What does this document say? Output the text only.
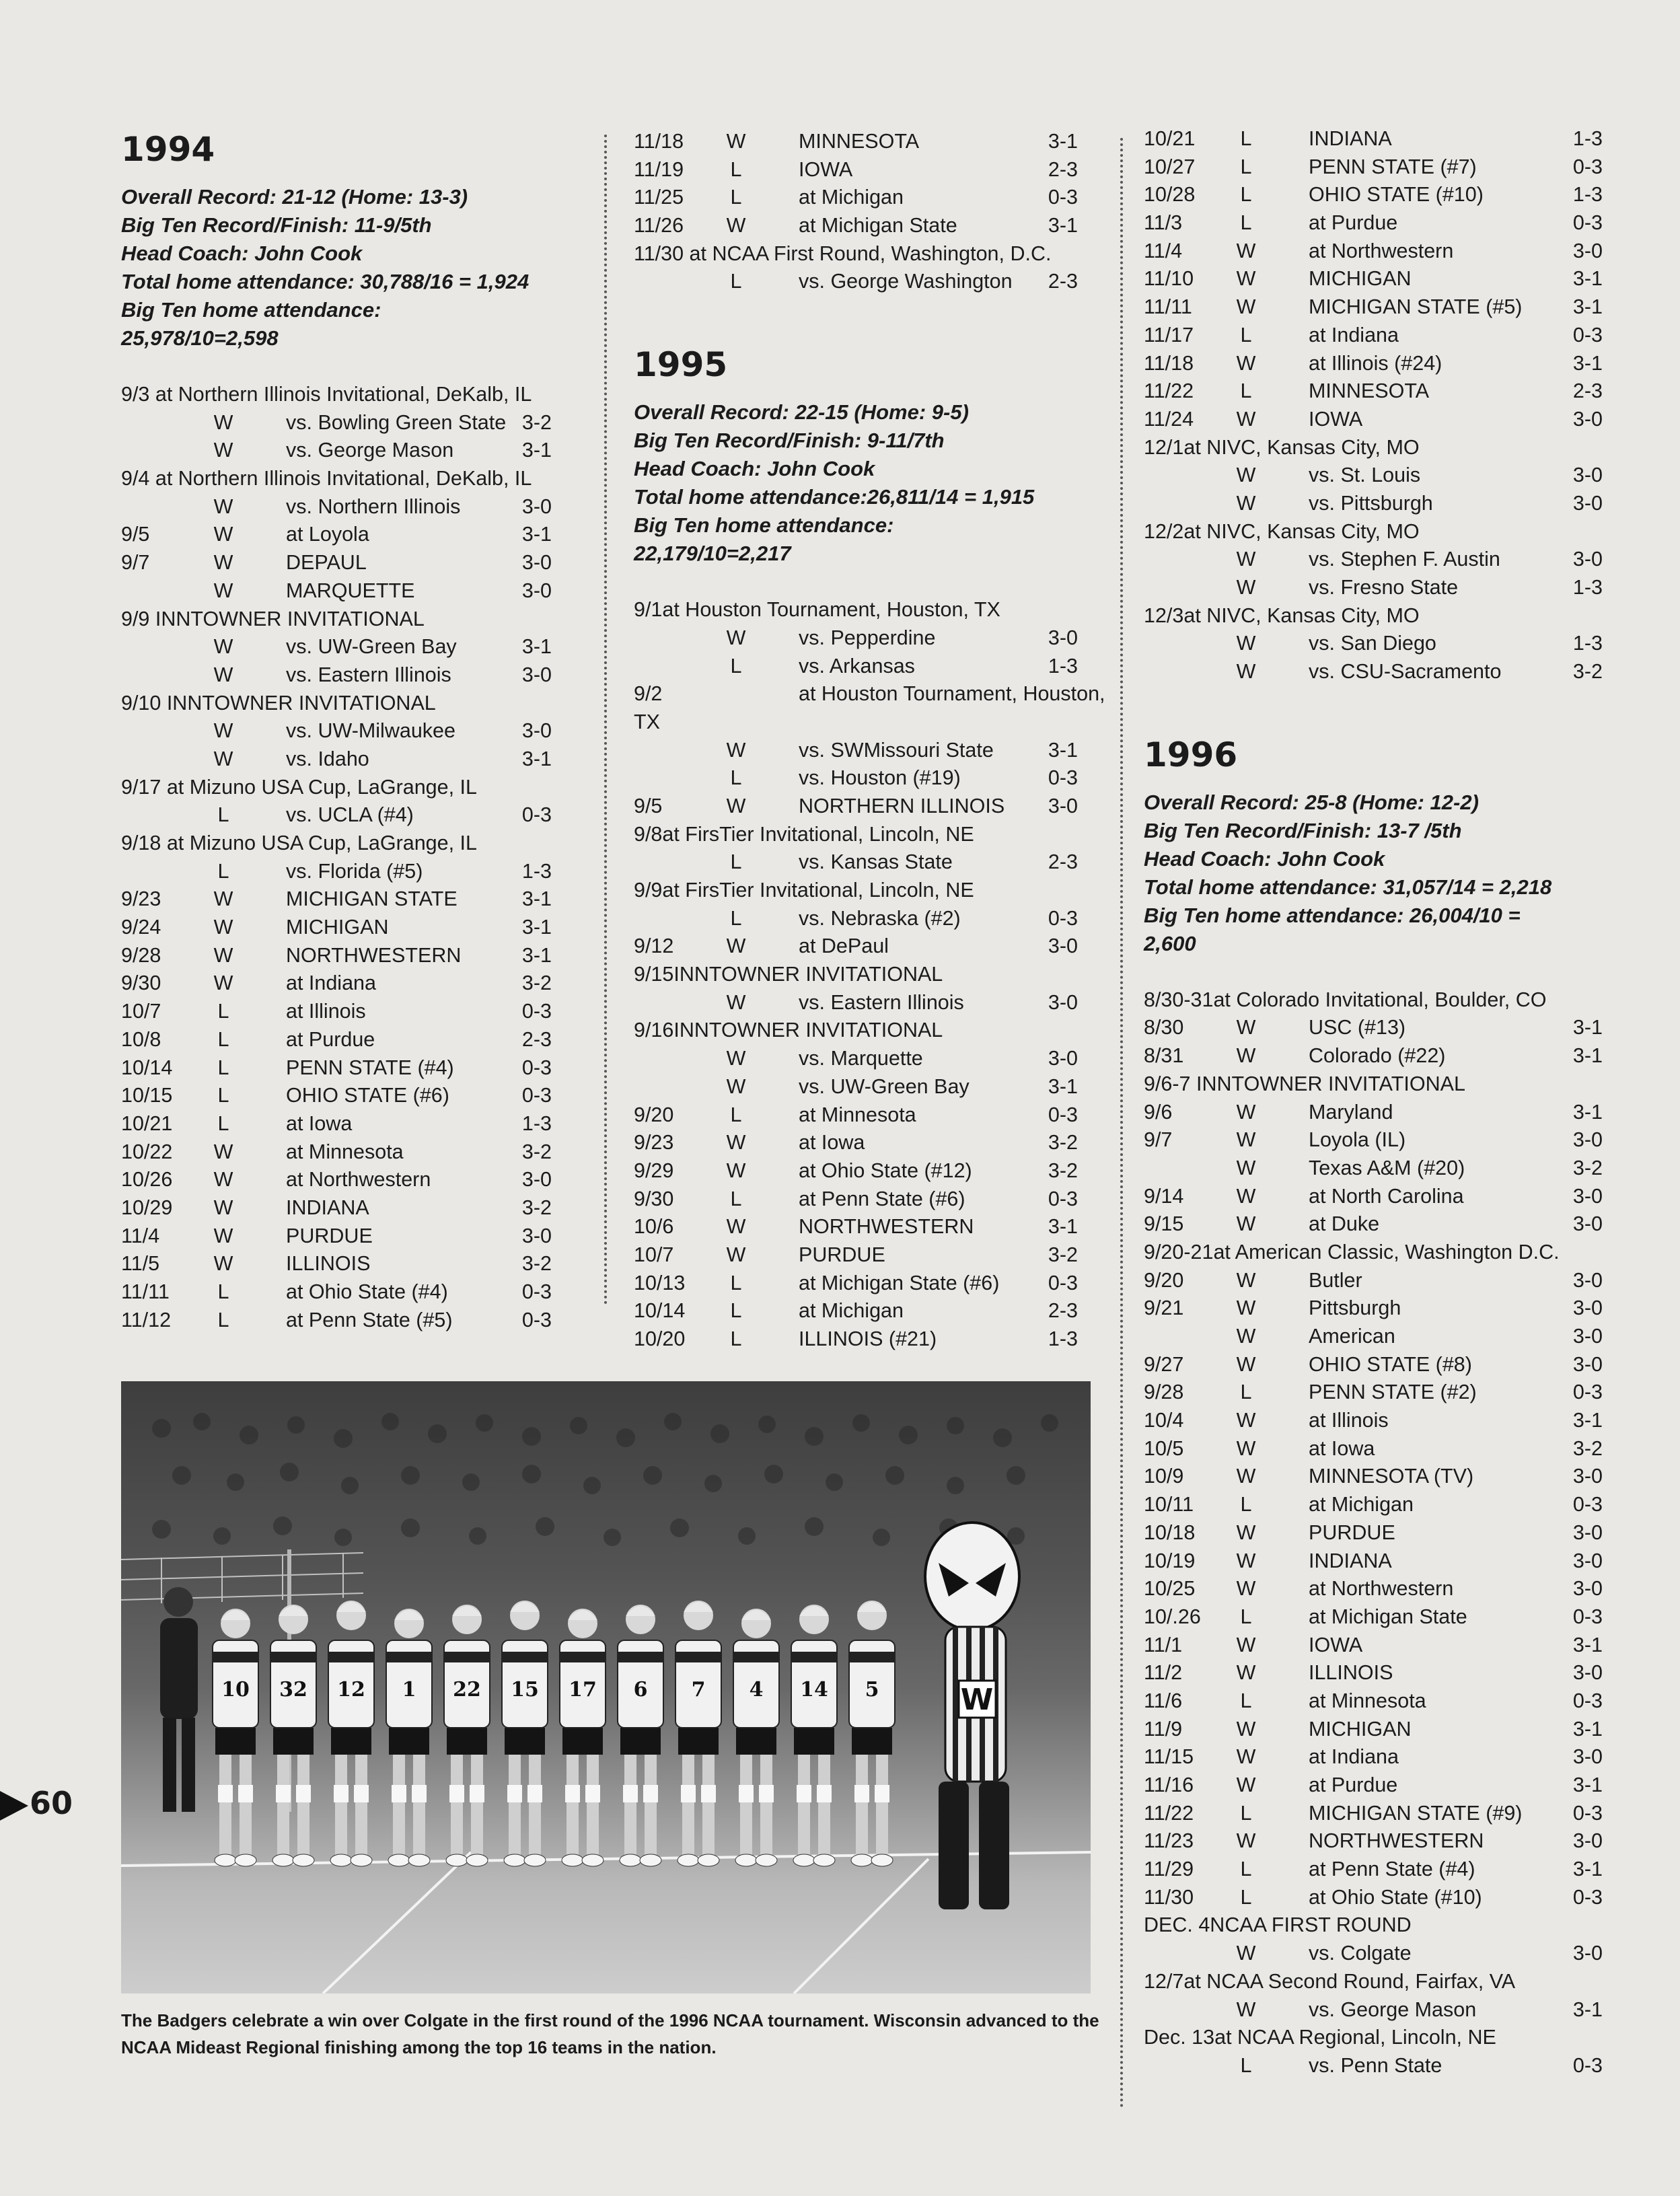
1994
Overall Record: 21-12 (Home: 13-3)
Big Ten Record/Finish: 11-9/5th
Head Coach: John Cook
Total home attendance: 30,788/16 = 1,924
Big Ten home attendance:
25,978/10=2,598
9/3 at Northern Illinois Invitational, DeKalb, IL
W	vs. Bowling Green State 3-2
W	vs. George Mason	3-1
9/4 at Northern Illinois Invitational, DeKalb, IL
W	vs. Northern Illinois	3-0
9/5	W	at Loyola	3-1
9/7	W	DEPAUL	3-0
W	MARQUETTE	3-0
9/9 INNTOWNER INVITATIONAL
W	vs. UW-Green Bay	3-1
W	vs. Eastern Illinois	3-0
9/10 INNTOWNER INVITATIONAL
W	vs. UW-Milwaukee	3-0
W	vs. Idaho	3-1
9/17 at Mizuno USA Cup, LaGrange, IL
L	vs. UCLA (#4)	0-3
9/18 at Mizuno USA Cup, LaGrange, IL
L	vs. Florida (#5)	1-3
9/23	W	MICHIGAN STATE	3-1
9/24	W	MICHIGAN	3-1
9/28	W	NORTHWESTERN	3-1
9/30	W	at Indiana	3-2
10/7	L	at Illinois	0-3
10/8	L	at Purdue	2-3
10/14 L	PENN STATE (#4)	0-3
10/15 L	OHIO STATE (#6)	0-3
10/21 L	at Iowa	1-3
10/22 W	at Minnesota	3-2
10/26 W	at Northwestern	3-0
10/29 W	INDIANA	3-2
11/4	W	PURDUE	3-0
11/5	W	ILLINOIS	3-2
11/11 L	at Ohio State (#4)	0-3
11/12 L	at Penn State (#5)	0-3
11/18 W	MINNESOTA	3-1
11/19 L	IOWA	2-3
11/25 L	at Michigan	0-3
11/26 W	at Michigan State	3-1
11/30 at NCAA First Round, Washington, D.C.
L	vs. George Washington 2-3
1995
Overall Record: 22-15 (Home: 9-5)
Big Ten Record/Finish: 9-11/7th
Head Coach: John Cook
Total home attendance:26,811/14 = 1,915
Big Ten home attendance:
22,179/10=2,217
9/1at Houston Tournament, Houston, TX
W	vs. Pepperdine	3-0
L	vs. Arkansas	1-3
9/2	at Houston Tournament, Houston,
TX
W	vs. SWMissouri State	3-1
L	vs. Houston (#19)	0-3
9/5	W	NORTHERN ILLINOIS 3-0
9/8at FirsTier Invitational, Lincoln, NE
L	vs. Kansas State	2-3
9/9at FirsTier Invitational, Lincoln, NE
L	vs. Nebraska (#2)	0-3
9/12	W	at DePaul	3-0
9/15INNTOWNER INVITATIONAL
W	vs. Eastern Illinois	3-0
9/16INNTOWNER INVITATIONAL
W	vs. Marquette	3-0
W	vs. UW-Green Bay	3-1
9/20	L	at Minnesota	0-3
9/23	W	at Iowa	3-2
9/29	W	at Ohio State (#12)	3-2
9/30	L	at Penn State (#6)	0-3
10/6	W	NORTHWESTERN	3-1
10/7	W	PURDUE	3-2
10/13 L	at Michigan State (#6) 0-3
10/14 L	at Michigan	2-3
10/20 L	ILLINOIS (#21)	1-3
10/21 L	INDIANA	1-3
10/27 L	PENN STATE (#7)	0-3
10/28 L	OHIO STATE (#10)	1-3
11/3	L	at Purdue	0-3
11/4	W	at Northwestern	3-0
11/10 W	MICHIGAN	3-1
11/11 W	MICHIGAN STATE (#5) 3-1
11/17 L	at Indiana	0-3
11/18 W	at Illinois (#24)	3-1
11/22 L	MINNESOTA	2-3
11/24 W	IOWA	3-0
12/1at NIVC, Kansas City, MO
W	vs. St. Louis	3-0
W	vs. Pittsburgh	3-0
12/2at NIVC, Kansas City, MO
W	vs. Stephen F. Austin	3-0
W	vs. Fresno State	1-3
12/3at NIVC, Kansas City, MO
W	vs. San Diego	1-3
W	vs. CSU-Sacramento	3-2
1996
Overall Record: 25-8 (Home: 12-2)
Big Ten Record/Finish: 13-7 /5th
Head Coach: John Cook
Total home attendance: 31,057/14 = 2,218
Big Ten home attendance: 26,004/10 =
2,600
8/30-31at Colorado Invitational, Boulder, CO
8/30	W	USC (#13)	3-1
8/31	W	Colorado (#22)	3-1
9/6-7 INNTOWNER INVITATIONAL
9/6	W	Maryland	3-1
9/7	W	Loyola (IL)	3-0
W	Texas A&M (#20)	3-2
9/14	W	at North Carolina	3-0
9/15	W	at Duke	3-0
9/20-21at American Classic, Washington D.C.
9/20	W	Butler	3-0
9/21	W	Pittsburgh	3-0
W	American	3-0
9/27	W	OHIO STATE (#8)	3-0
9/28	L	PENN STATE (#2)	0-3
10/4	W	at Illinois	3-1
10/5	W	at Iowa	3-2
10/9	W	MINNESOTA (TV)	3-0
10/11 L	at Michigan	0-3
10/18 W	PURDUE	3-0
10/19 W	INDIANA	3-0
10/25 W	at Northwestern	3-0
10/.26 L	at Michigan State	0-3
11/1	W	IOWA	3-1
11/2	W	ILLINOIS	3-0
11/6	L	at Minnesota	0-3
11/9	W	MICHIGAN	3-1
11/15 W	at Indiana	3-0
11/16 W	at Purdue	3-1
11/22 L	MICHIGAN STATE (#9) 0-3
11/23 W	NORTHWESTERN	3-0
11/29 L	at Penn State (#4)	3-1
11/30 L	at Ohio State (#10)	0-3
DEC. 4NCAA FIRST ROUND
W	vs. Colgate	3-0
12/7at NCAA Second Round, Fairfax, VA
W	vs. George Mason	3-1
Dec. 13at NCAA Regional, Lincoln, NE
L	vs. Penn State	0-3
10 32 12 1 22 15 17 6 7 4 14 5	W
The Badgers celebrate a win over Colgate in the first round of the 1996 NCAA tournament. Wisconsin advanced to the NCAA Mideast Regional finishing among the top 16 teams in the nation.
60
